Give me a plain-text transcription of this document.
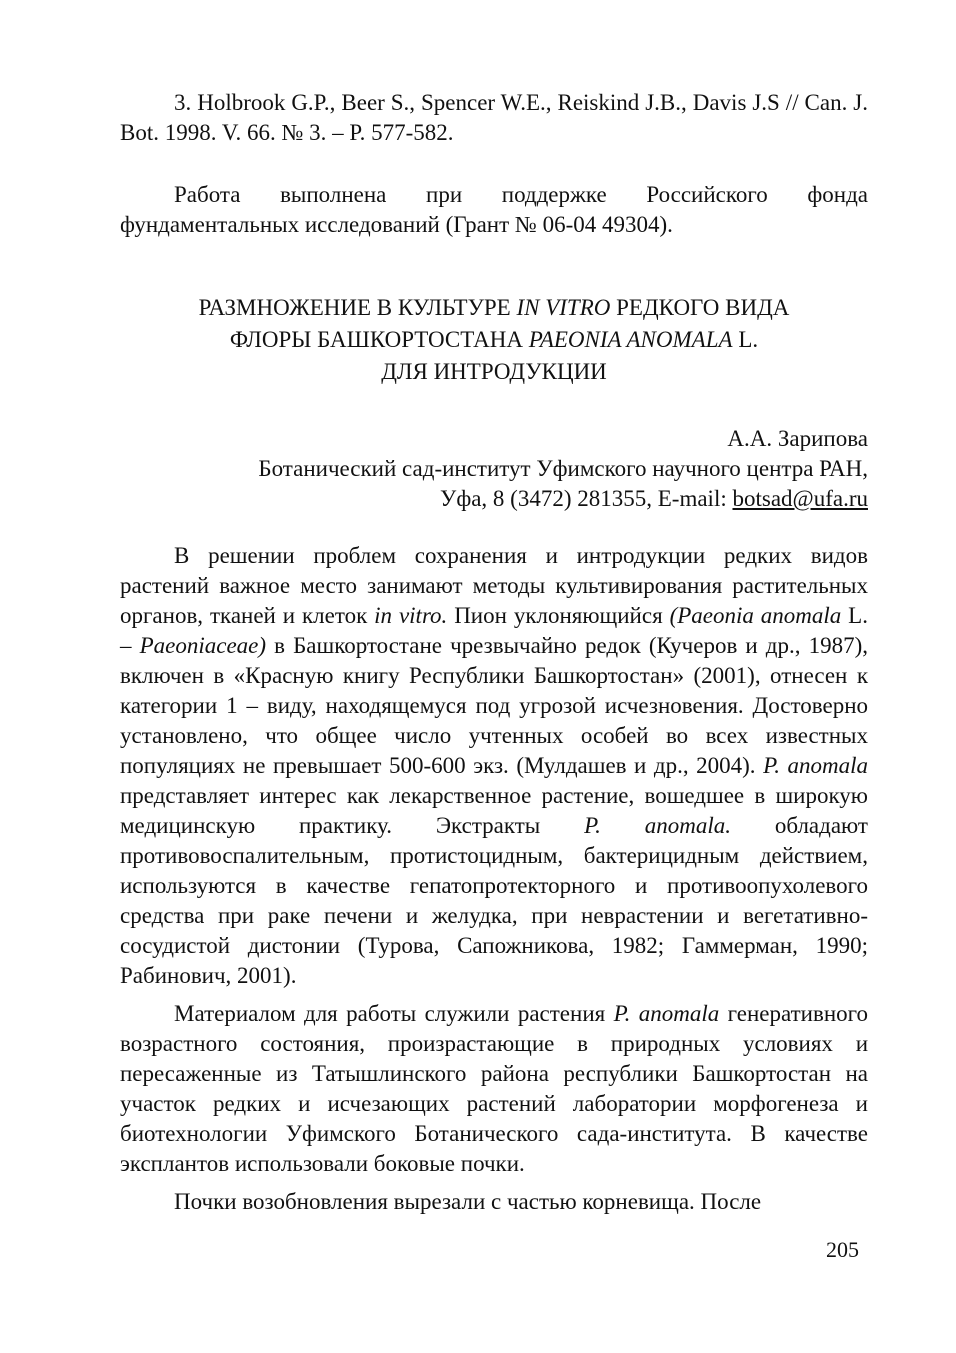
3. Holbrook G.P., Beer S., Spencer W.E., Reiskind J.B., Davis J.S // Can. J. Bot. 1998. V. 66. № 3. – P. 577-582.

Работа выполнена при поддержке Российского фонда фундаментальных исследований (Грант № 06-04 49304).

РАЗМНОЖЕНИЕ В КУЛЬТУРЕ IN VITRO РЕДКОГО ВИДА
ФЛОРЫ БАШКОРТОСТАНА PAEONIA ANOMALA L.
ДЛЯ ИНТРОДУКЦИИ
А.А. Зарипова
Ботанический сад-институт Уфимского научного центра РАН,
Уфа, 8 (3472) 281355, E-mail: botsad@ufa.ru

В решении проблем сохранения и интродукции редких видов растений важное место занимают методы культивирования растительных органов, тканей и клеток in vitro. Пион уклоняющийся (Paeonia anomala L. – Paeoniaceae) в Башкортостане чрезвычайно редок (Кучеров и др., 1987), включен в «Красную книгу Республики Башкортостан» (2001), отнесен к категории 1 – виду, находящемуся под угрозой исчезновения. Достоверно установлено, что общее число учтенных особей во всех известных популяциях не превышает 500-600 экз. (Мулдашев и др., 2004). P. anomala представляет интерес как лекарственное растение, вошедшее в широкую медицинскую практику. Экстракты P. anomala. обладают противовоспалительным, протистоцидным, бактерицидным действием, используются в качестве гепатопротекторного и противоопухолевого средства при раке печени и желудка, при неврастении и вегетативно-сосудистой дистонии (Турова, Сапожникова, 1982; Гаммерман, 1990; Рабинович, 2001).

Материалом для работы служили растения P. anomala генеративного возрастного состояния, произрастающие в природных условиях и пересаженные из Татышлинского района республики Башкортостан на участок редких и исчезающих растений лаборатории морфогенеза и биотехнологии Уфимского Ботанического сада-института. В качестве эксплантов использовали боковые почки.

Почки возобновления вырезали с частью корневища. После

205
